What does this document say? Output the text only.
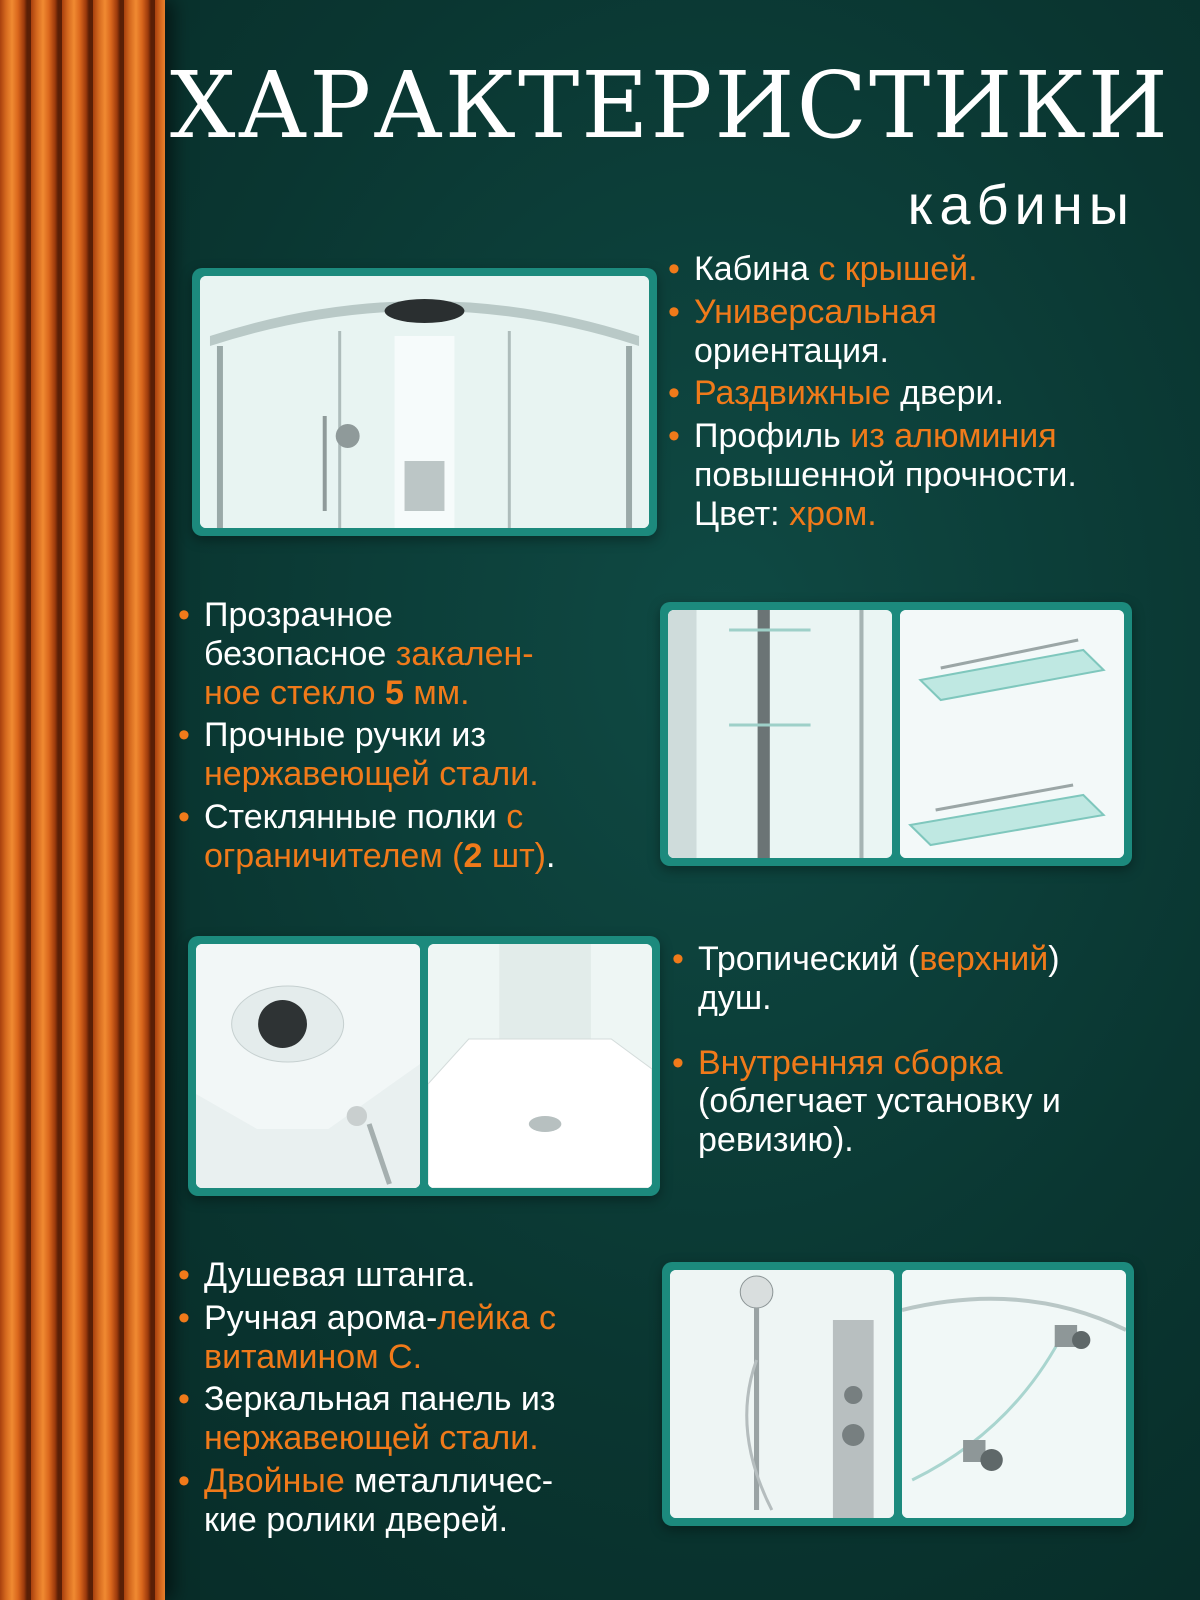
ХАРАКТЕРИСТИКИ
кабины
• Кабина с крышей.
• Универсальная
ориентация.
• Раздвижные двери.
• Профиль из алюминия
повышенной прочности.
Цвет: хром.
• Прозрачное
безопасное закален-
ное стекло 5 мм.
• Прочные ручки из
нержавеющей стали.
• Стеклянные полки с
ограничителем (2 шт).
• Тропический (верхний)
душ.
• Внутренняя сборка
(облегчает установку и
ревизию).
• Душевая штанга.
• Ручная арома-лейка с
витамином С.
• Зеркальная панель из
нержавеющей стали.
• Двойные металличес-
кие ролики дверей.
